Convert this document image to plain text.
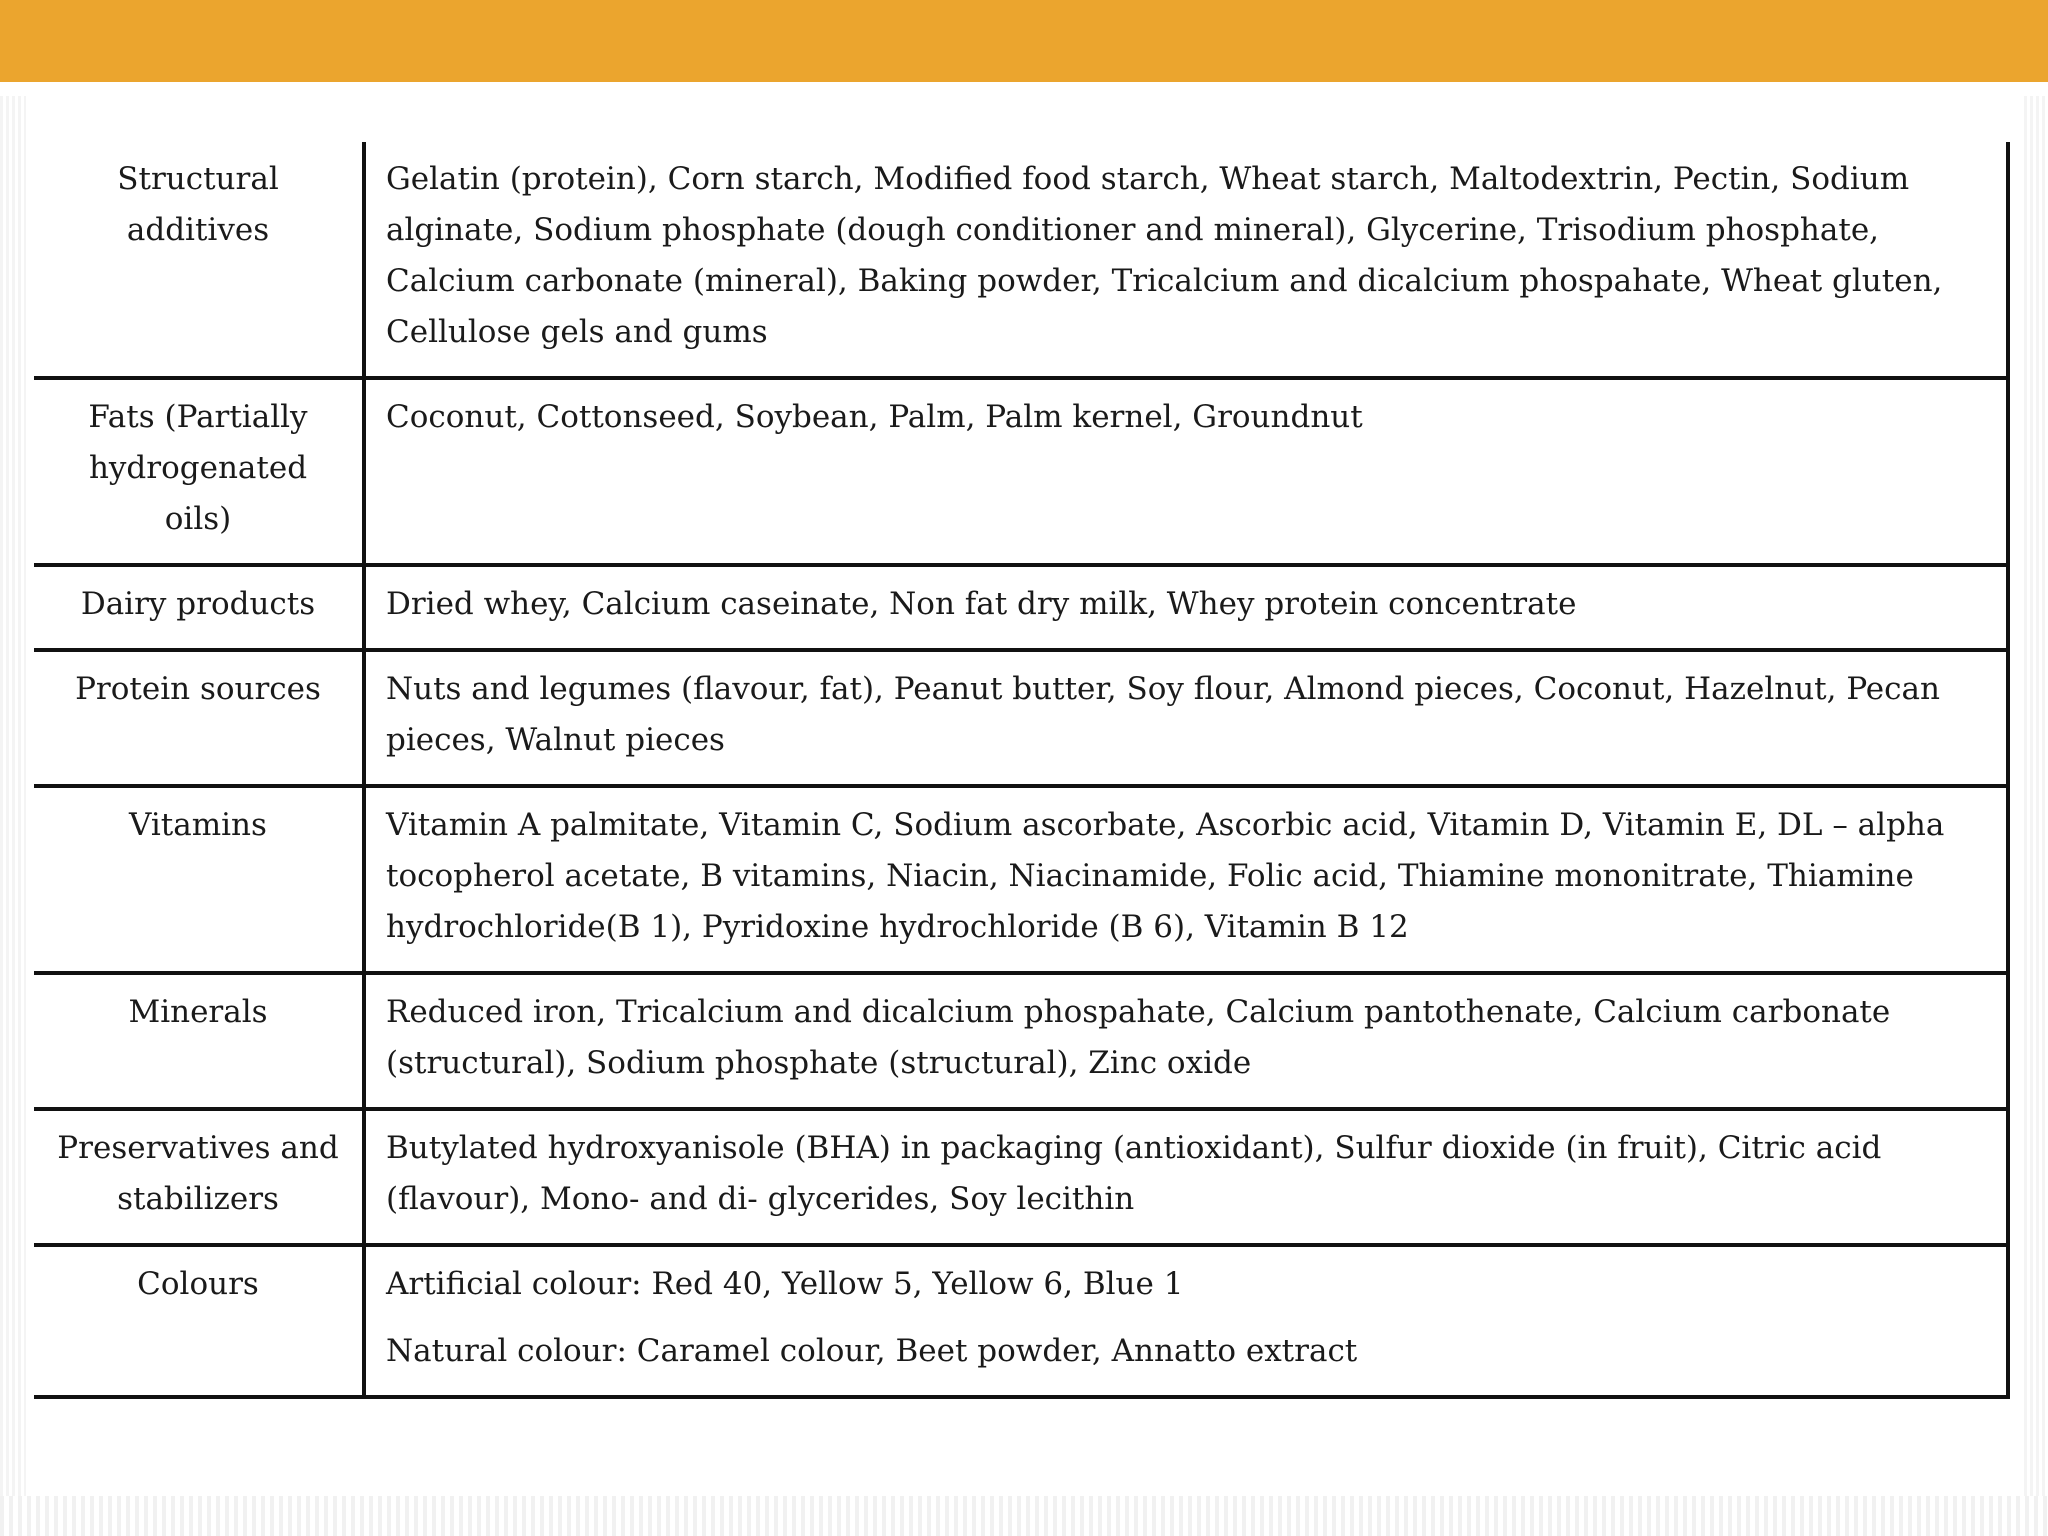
Structural additives	Gelatin (protein), Corn starch, Modified food starch, Wheat starch, Maltodextrin, Pectin, Sodium alginate, Sodium phosphate (dough conditioner and mineral), Glycerine, Trisodium phosphate, Calcium carbonate (mineral), Baking powder, Tricalcium and dicalcium phospahate, Wheat gluten, Cellulose gels and gums

Fats (Partially hydrogenated oils)	Coconut, Cottonseed, Soybean, Palm, Palm kernel, Groundnut

Dairy products	Dried whey, Calcium caseinate, Non fat dry milk, Whey protein concentrate

Protein sources	Nuts and legumes (flavour, fat), Peanut butter, Soy flour, Almond pieces, Coconut, Hazelnut, Pecan pieces, Walnut pieces

Vitamins	Vitamin A palmitate, Vitamin C, Sodium ascorbate, Ascorbic acid, Vitamin D, Vitamin E, DL – alpha tocopherol acetate, B vitamins, Niacin, Niacinamide, Folic acid, Thiamine mononitrate, Thiamine hydrochloride(B 1), Pyridoxine hydrochloride (B 6), Vitamin B 12

Minerals	Reduced iron, Tricalcium and dicalcium phospahate, Calcium pantothenate, Calcium carbonate (structural), Sodium phosphate (structural), Zinc oxide

Preservatives and stabilizers	Butylated hydroxyanisole (BHA) in packaging (antioxidant), Sulfur dioxide (in fruit), Citric acid (flavour), Mono- and di- glycerides, Soy lecithin

Colours	Artificial colour: Red 40, Yellow 5, Yellow 6, Blue 1
Natural colour: Caramel colour, Beet powder, Annatto extract
